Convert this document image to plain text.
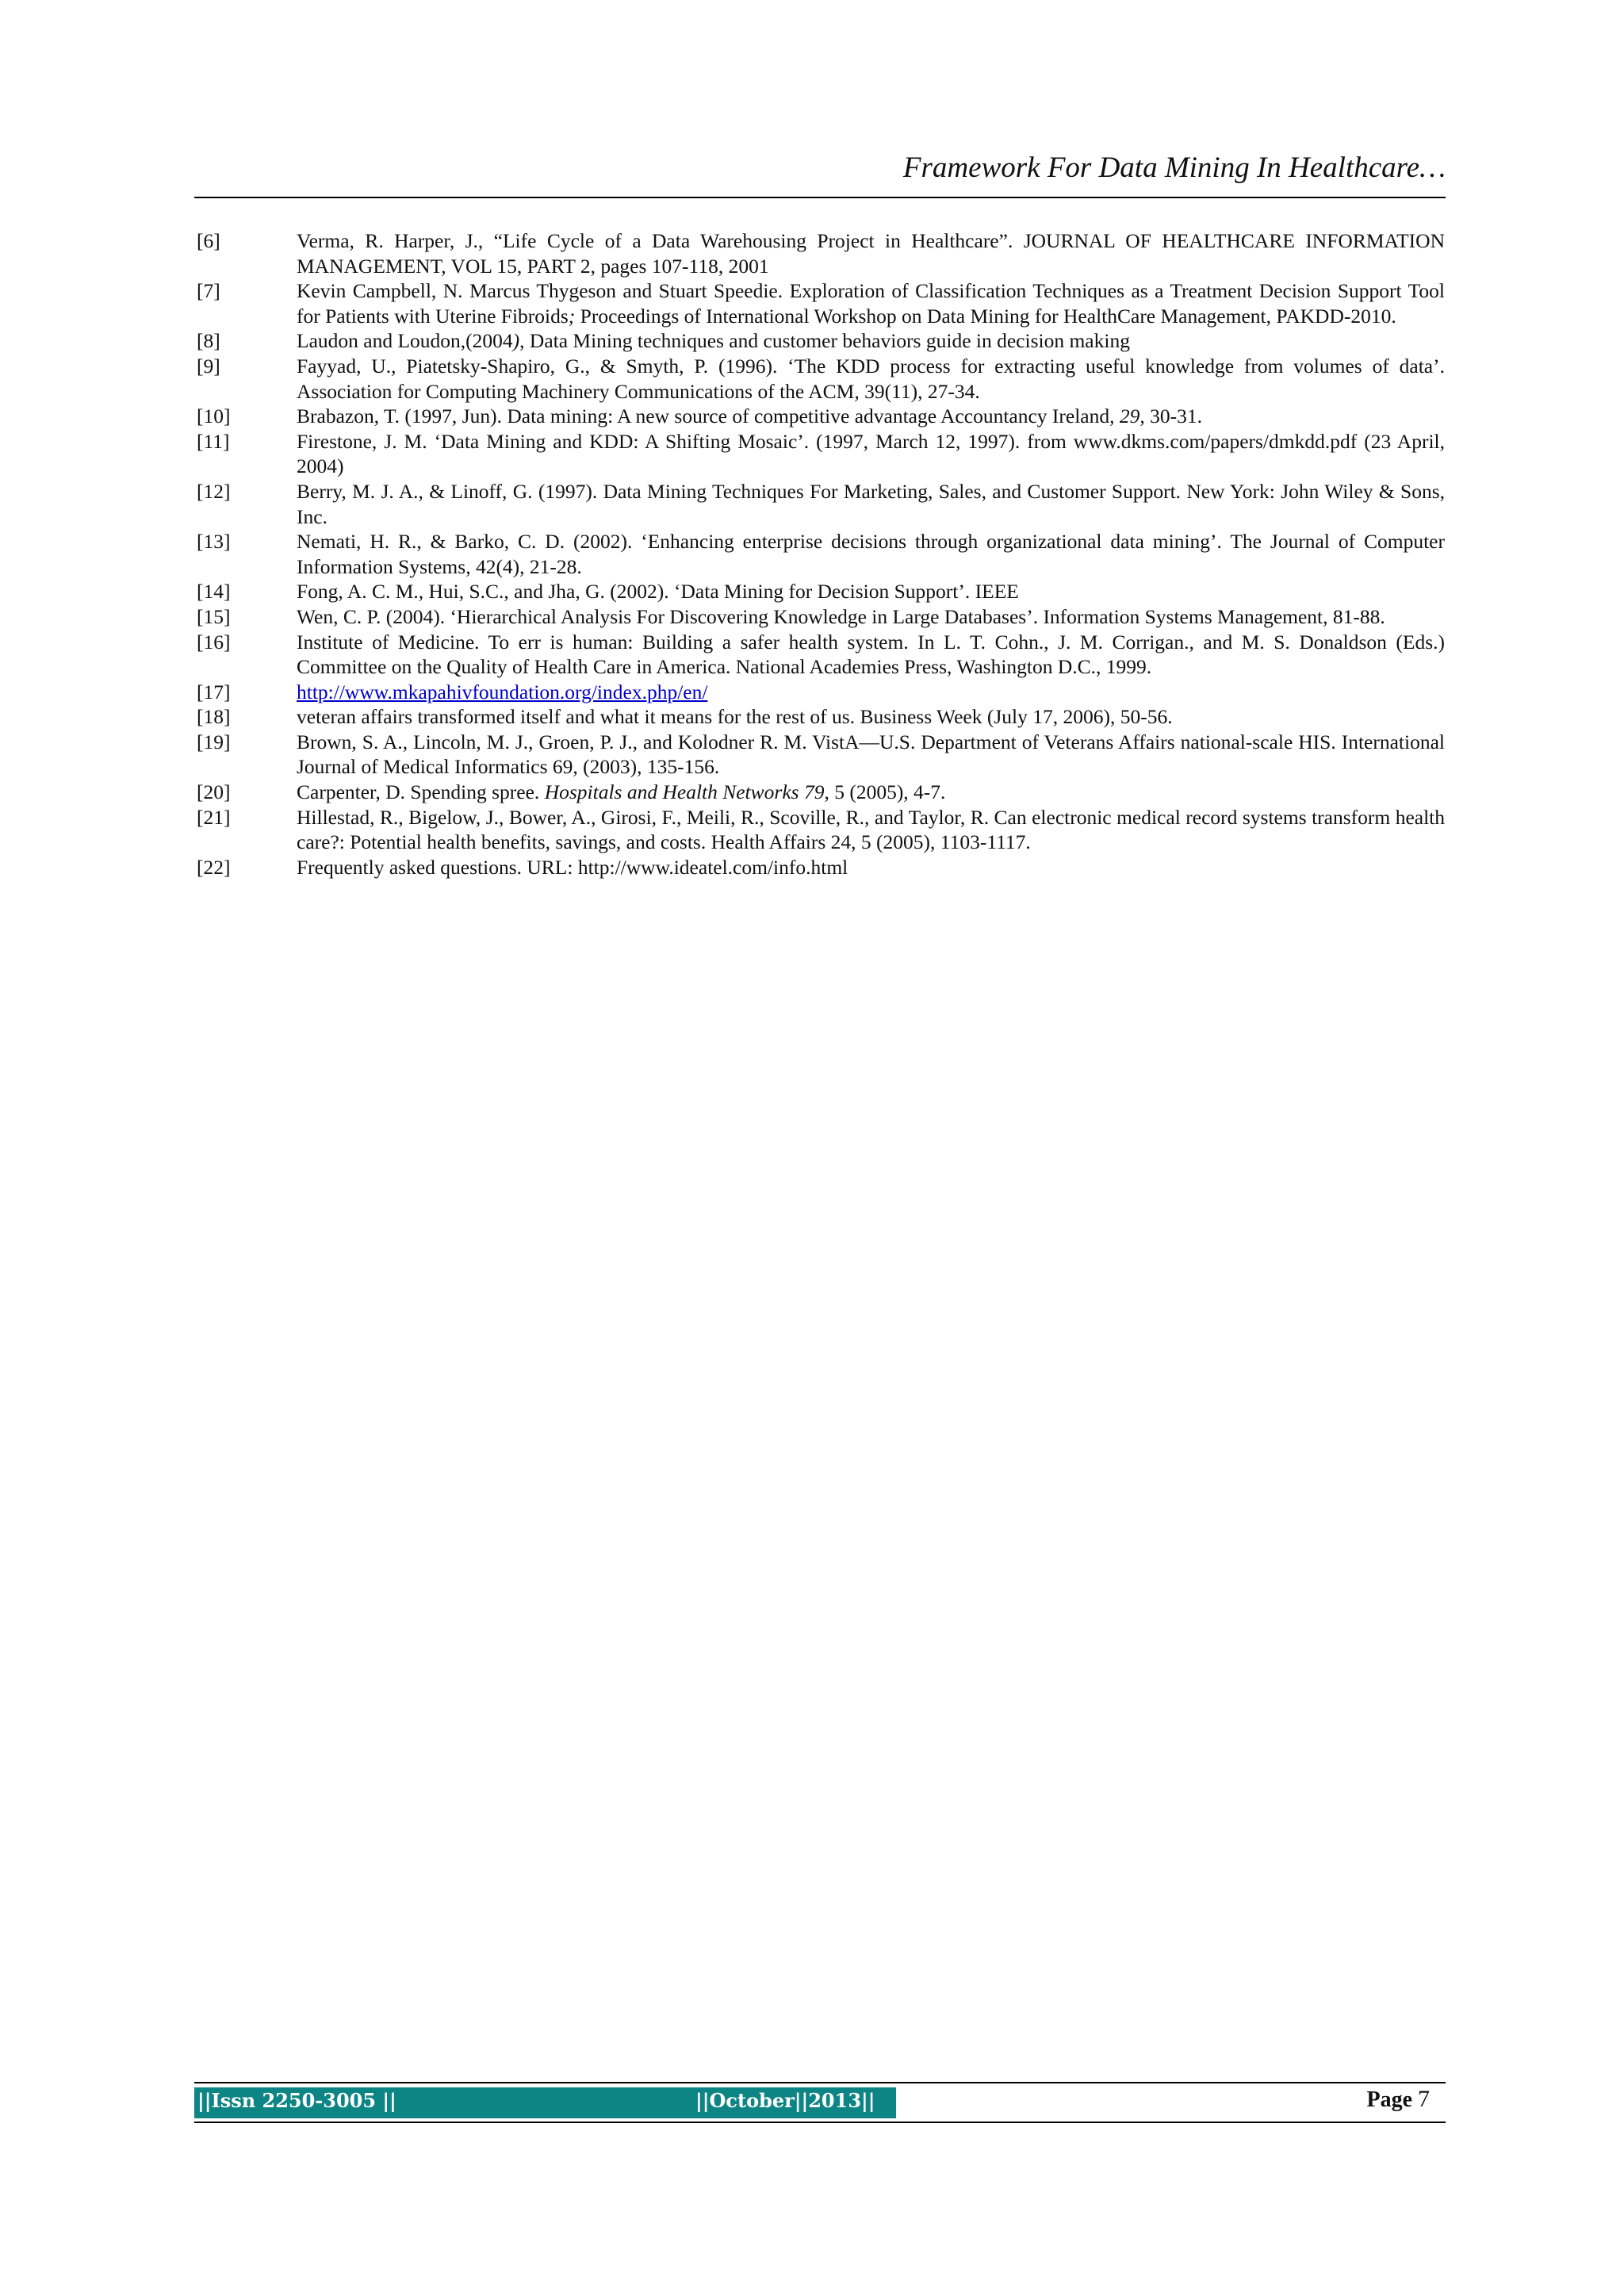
Framework For Data Mining In Healthcare…
[6]	Verma, R. Harper, J., “Life Cycle of a Data Warehousing Project in Healthcare”. JOURNAL OF HEALTHCARE INFORMATION MANAGEMENT, VOL 15, PART 2, pages 107-118, 2001
[7]	Kevin Campbell, N. Marcus Thygeson and Stuart Speedie. Exploration of Classification Techniques as a Treatment Decision Support Tool for Patients with Uterine Fibroids; Proceedings of International Workshop on Data Mining for HealthCare Management, PAKDD-2010.
[8]	Laudon and Loudon,(2004), Data Mining techniques and customer behaviors guide in decision making
[9]	Fayyad, U., Piatetsky-Shapiro, G., & Smyth, P. (1996). ‘The KDD process for extracting useful knowledge from volumes of data’. Association for Computing Machinery Communications of the ACM, 39(11), 27-34.
[10]	Brabazon, T. (1997, Jun). Data mining: A new source of competitive advantage Accountancy Ireland, 29, 30-31.
[11]	Firestone, J. M. ‘Data Mining and KDD: A Shifting Mosaic’. (1997, March 12, 1997). from www.dkms.com/papers/dmkdd.pdf (23 April, 2004)
[12]	Berry, M. J. A., & Linoff, G. (1997). Data Mining Techniques For Marketing, Sales, and Customer Support. New York: John Wiley & Sons, Inc.
[13]	Nemati, H. R., & Barko, C. D. (2002). ‘Enhancing enterprise decisions through organizational data mining’. The Journal of Computer Information Systems, 42(4), 21-28.
[14]	Fong, A. C. M., Hui, S.C., and Jha, G. (2002). ‘Data Mining for Decision Support’. IEEE
[15]	Wen, C. P. (2004). ‘Hierarchical Analysis For Discovering Knowledge in Large Databases’. Information Systems Management, 81-88.
[16]	Institute of Medicine. To err is human: Building a safer health system. In L. T. Cohn., J. M. Corrigan., and M. S. Donaldson (Eds.) Committee on the Quality of Health Care in America. National Academies Press, Washington D.C., 1999.
[17]	http://www.mkapahivfoundation.org/index.php/en/
[18]	veteran affairs transformed itself and what it means for the rest of us. Business Week (July 17, 2006), 50-56.
[19]	Brown, S. A., Lincoln, M. J., Groen, P. J., and Kolodner R. M. VistA—U.S. Department of Veterans Affairs national-scale HIS. International Journal of Medical Informatics 69, (2003), 135-156.
[20]	Carpenter, D. Spending spree. Hospitals and Health Networks 79, 5 (2005), 4-7.
[21]	Hillestad, R., Bigelow, J., Bower, A., Girosi, F., Meili, R., Scoville, R., and Taylor, R. Can electronic medical record systems transform health care?: Potential health benefits, savings, and costs. Health Affairs 24, 5 (2005), 1103-1117.
[22]	Frequently asked questions. URL: http://www.ideatel.com/info.html
||Issn 2250-3005 ||	||October||2013||	Page 7
